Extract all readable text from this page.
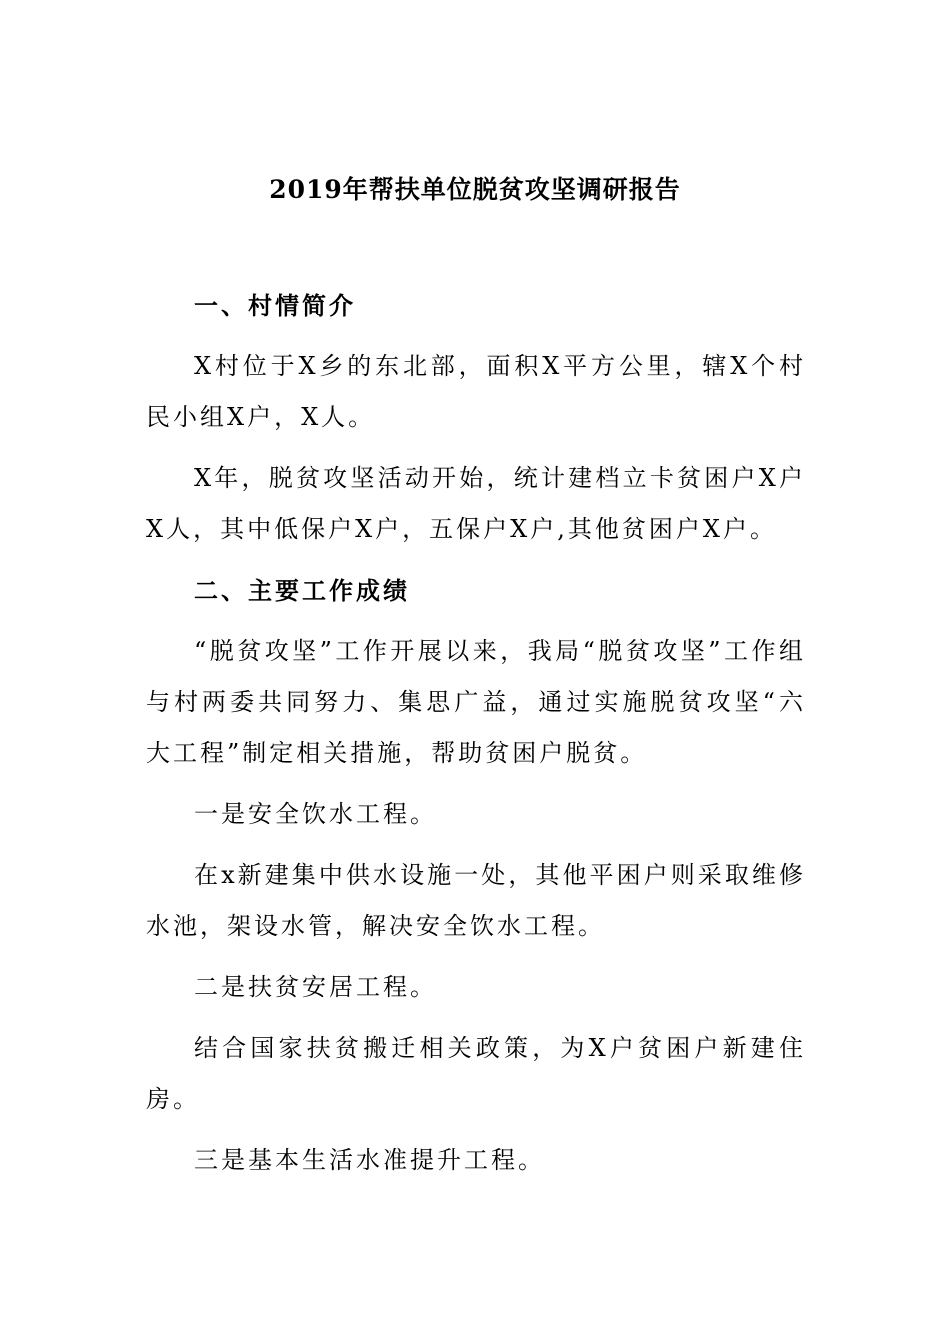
2019年帮扶单位脱贫攻坚调研报告
一、村情简介

X村位于X乡的东北部，面积X平方公里，辖X个村民小组X户，X人。

X年，脱贫攻坚活动开始，统计建档立卡贫困户X户X人，其中低保户X户，五保户X户,其他贫困户X户。

二、主要工作成绩

“脱贫攻坚”工作开展以来，我局“脱贫攻坚”工作组与村两委共同努力、集思广益，通过实施脱贫攻坚“六大工程”制定相关措施，帮助贫困户脱贫。

一是安全饮水工程。

在x新建集中供水设施一处，其他平困户则采取维修水池，架设水管，解决安全饮水工程。

二是扶贫安居工程。

结合国家扶贫搬迁相关政策，为X户贫困户新建住房。

三是基本生活水准提升工程。
